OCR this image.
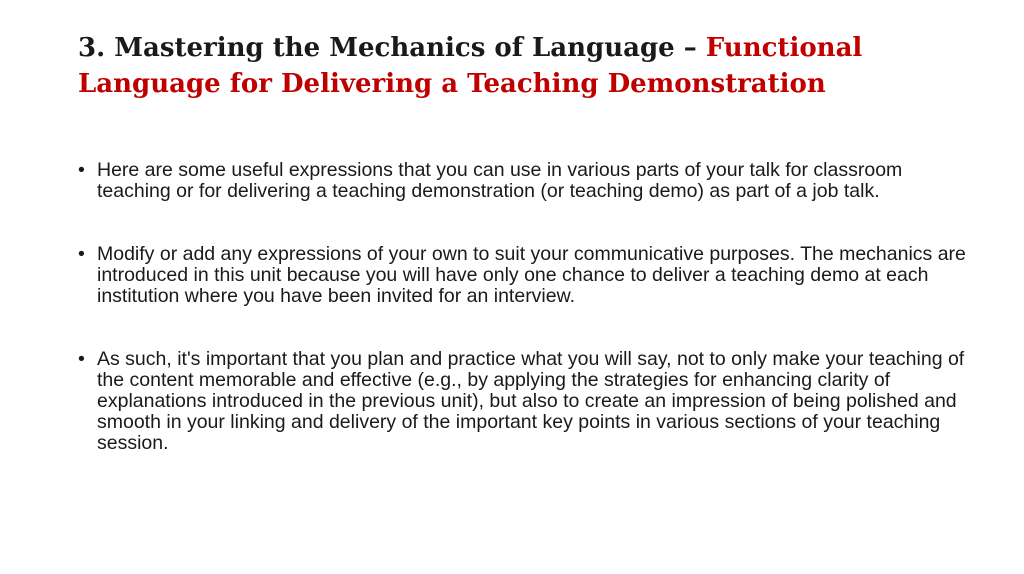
3. Mastering the Mechanics of Language – Functional Language for Delivering a Teaching Demonstration
• Here are some useful expressions that you can use in various parts of your talk for classroom teaching or for delivering a teaching demonstration (or teaching demo) as part of a job talk.
• Modify or add any expressions of your own to suit your communicative purposes. The mechanics are introduced in this unit because you will have only one chance to deliver a teaching demo at each institution where you have been invited for an interview.
• As such, it's important that you plan and practice what you will say, not to only make your teaching of the content memorable and effective (e.g., by applying the strategies for enhancing clarity of explanations introduced in the previous unit), but also to create an impression of being polished and smooth in your linking and delivery of the important key points in various sections of your teaching session.
